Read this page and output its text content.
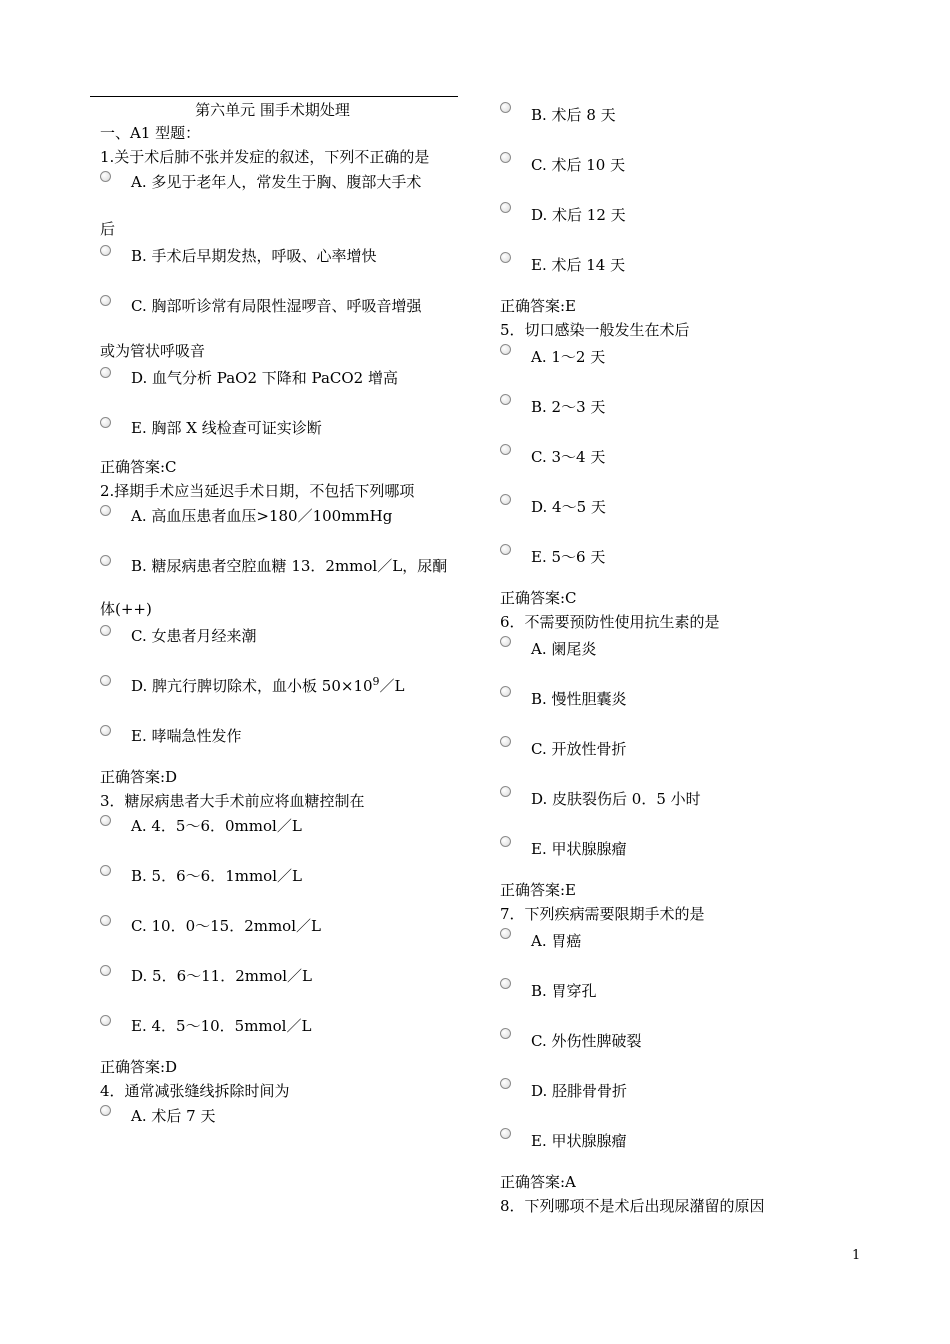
第六单元 围手术期处理
一、A1 型题：
1.关于术后肺不张并发症的叙述，下列不正确的是
A. 多见于老年人，常发生于胸、腹部大手术
后
B. 手术后早期发热，呼吸、心率增快
C. 胸部听诊常有局限性湿啰音、呼吸音增强
或为管状呼吸音
D. 血气分析 PaO2 下降和 PaCO2 增高
E. 胸部 X 线检查可证实诊断
正确答案:C
2.择期手术应当延迟手术日期，不包括下列哪项
A. 高血压患者血压>180／100mmHg
B. 糖尿病患者空腔血糖 13．2mmol／L，尿酮
体(++)
C. 女患者月经来潮
D. 脾亢行脾切除术，血小板 $50\times 10^9/L$
E. 哮喘急性发作
正确答案:D
3．糖尿病患者大手术前应将血糖控制在
A. 4．5～6．0mmol／L
B. 5．6～6．1mmol／L
C. 10．0～15．2mmol／L
D. 5．6～11．2mmol／L
E. 4．5～10．5mmol／L
正确答案:D
4．通常减张缝线拆除时间为
A. 术后 7 天
B. 术后 8 天
C. 术后 10 天
D. 术后 12 天
E. 术后 14 天
正确答案:E
5．切口感染一般发生在术后
A. 1～2 天
B. 2～3 天
C. 3～4 天
D. 4～5 天
E. 5～6 天
正确答案:C
6．不需要预防性使用抗生素的是
A. 阑尾炎
B. 慢性胆囊炎
C. 开放性骨折
D. 皮肤裂伤后 0．5 小时
E. 甲状腺腺瘤
正确答案:E
7．下列疾病需要限期手术的是
A. 胃癌
B. 胃穿孔
C. 外伤性脾破裂
D. 胫腓骨骨折
E. 甲状腺腺瘤
正确答案:A
8．下列哪项不是术后出现尿潴留的原因
1
